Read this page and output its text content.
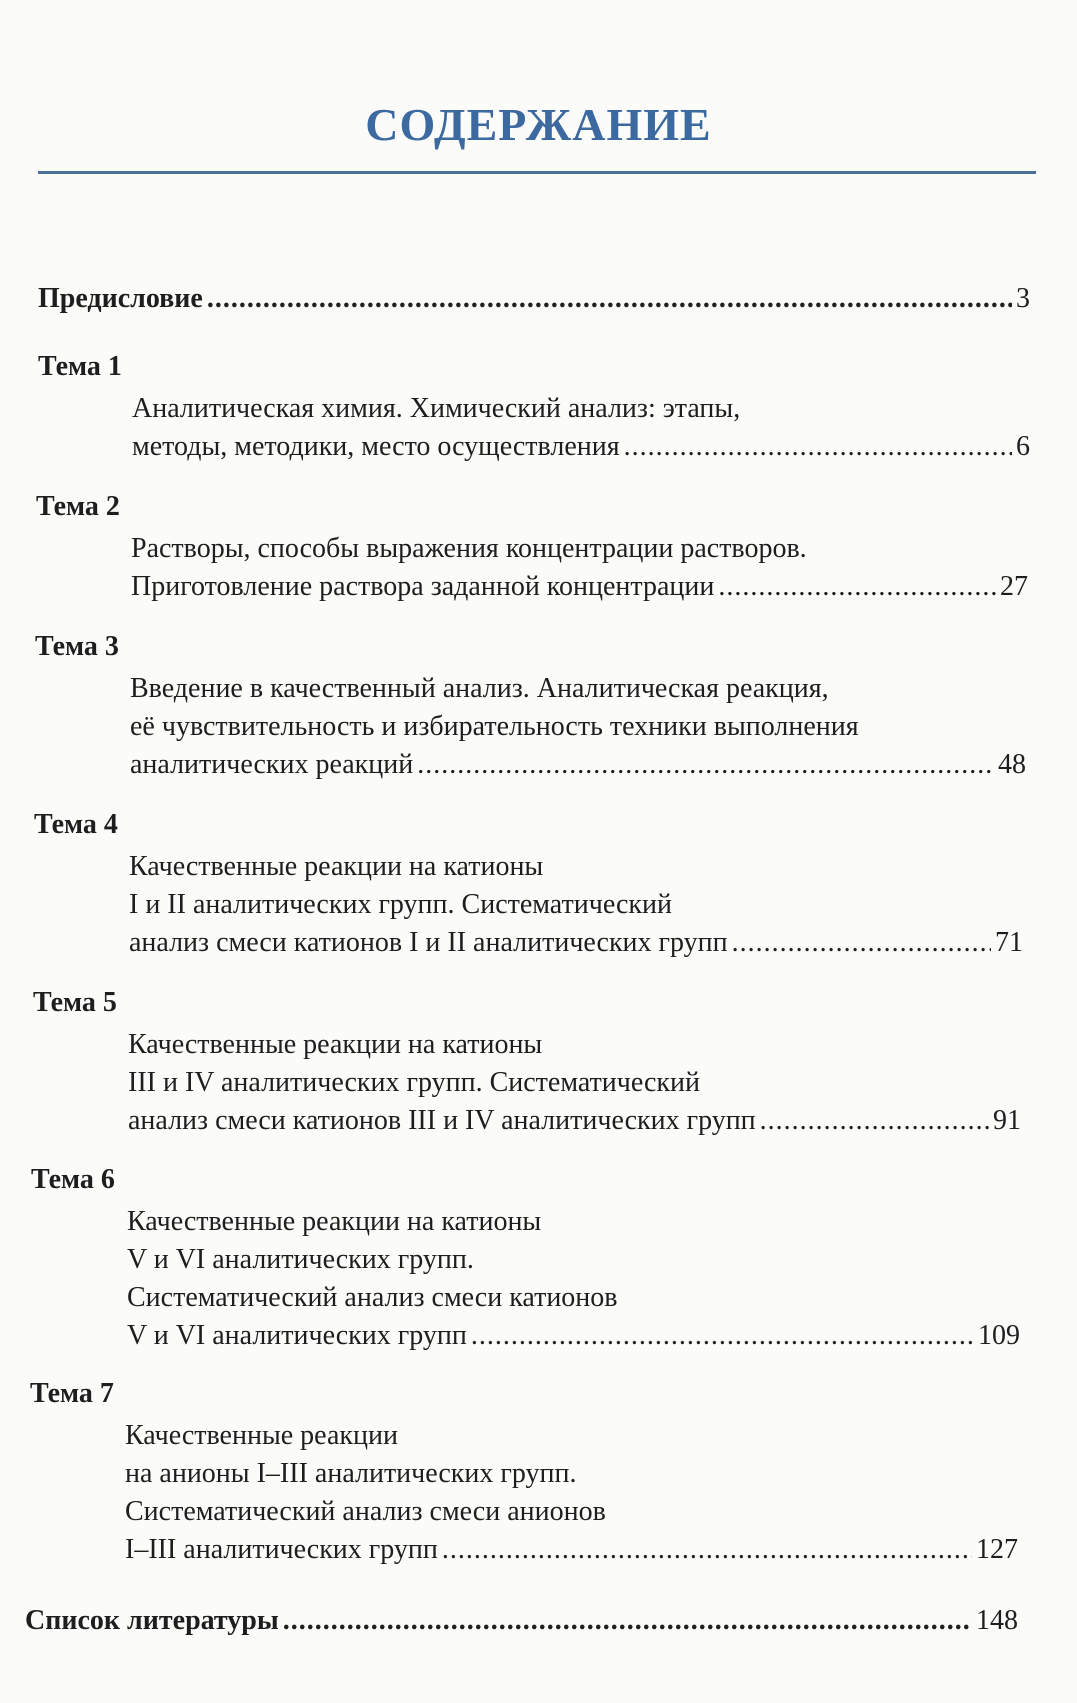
СОДЕРЖАНИЕ
Предисловие .....	3
Тема 1
Аналитическая химия. Химический анализ: этапы,
методы, методики, место осуществления .....	6
Тема 2
Растворы, способы выражения концентрации растворов.
Приготовление раствора заданной концентрации .....	27
Тема 3
Введение в качественный анализ. Аналитическая реакция,
её чувствительность и избирательность техники выполнения
аналитических реакций .....	48
Тема 4
Качественные реакции на катионы
I и II аналитических групп. Систематический
анализ смеси катионов I и II аналитических групп .....	71
Тема 5
Качественные реакции на катионы
III и IV аналитических групп. Систематический
анализ смеси катионов III и IV аналитических групп .....	91
Тема 6
Качественные реакции на катионы
V и VI аналитических групп.
Систематический анализ смеси катионов
V и VI аналитических групп .....	109
Тема 7
Качественные реакции
на анионы I–III аналитических групп.
Систематический анализ смеси анионов
I–III аналитических групп .....	127
Список литературы .....	148
